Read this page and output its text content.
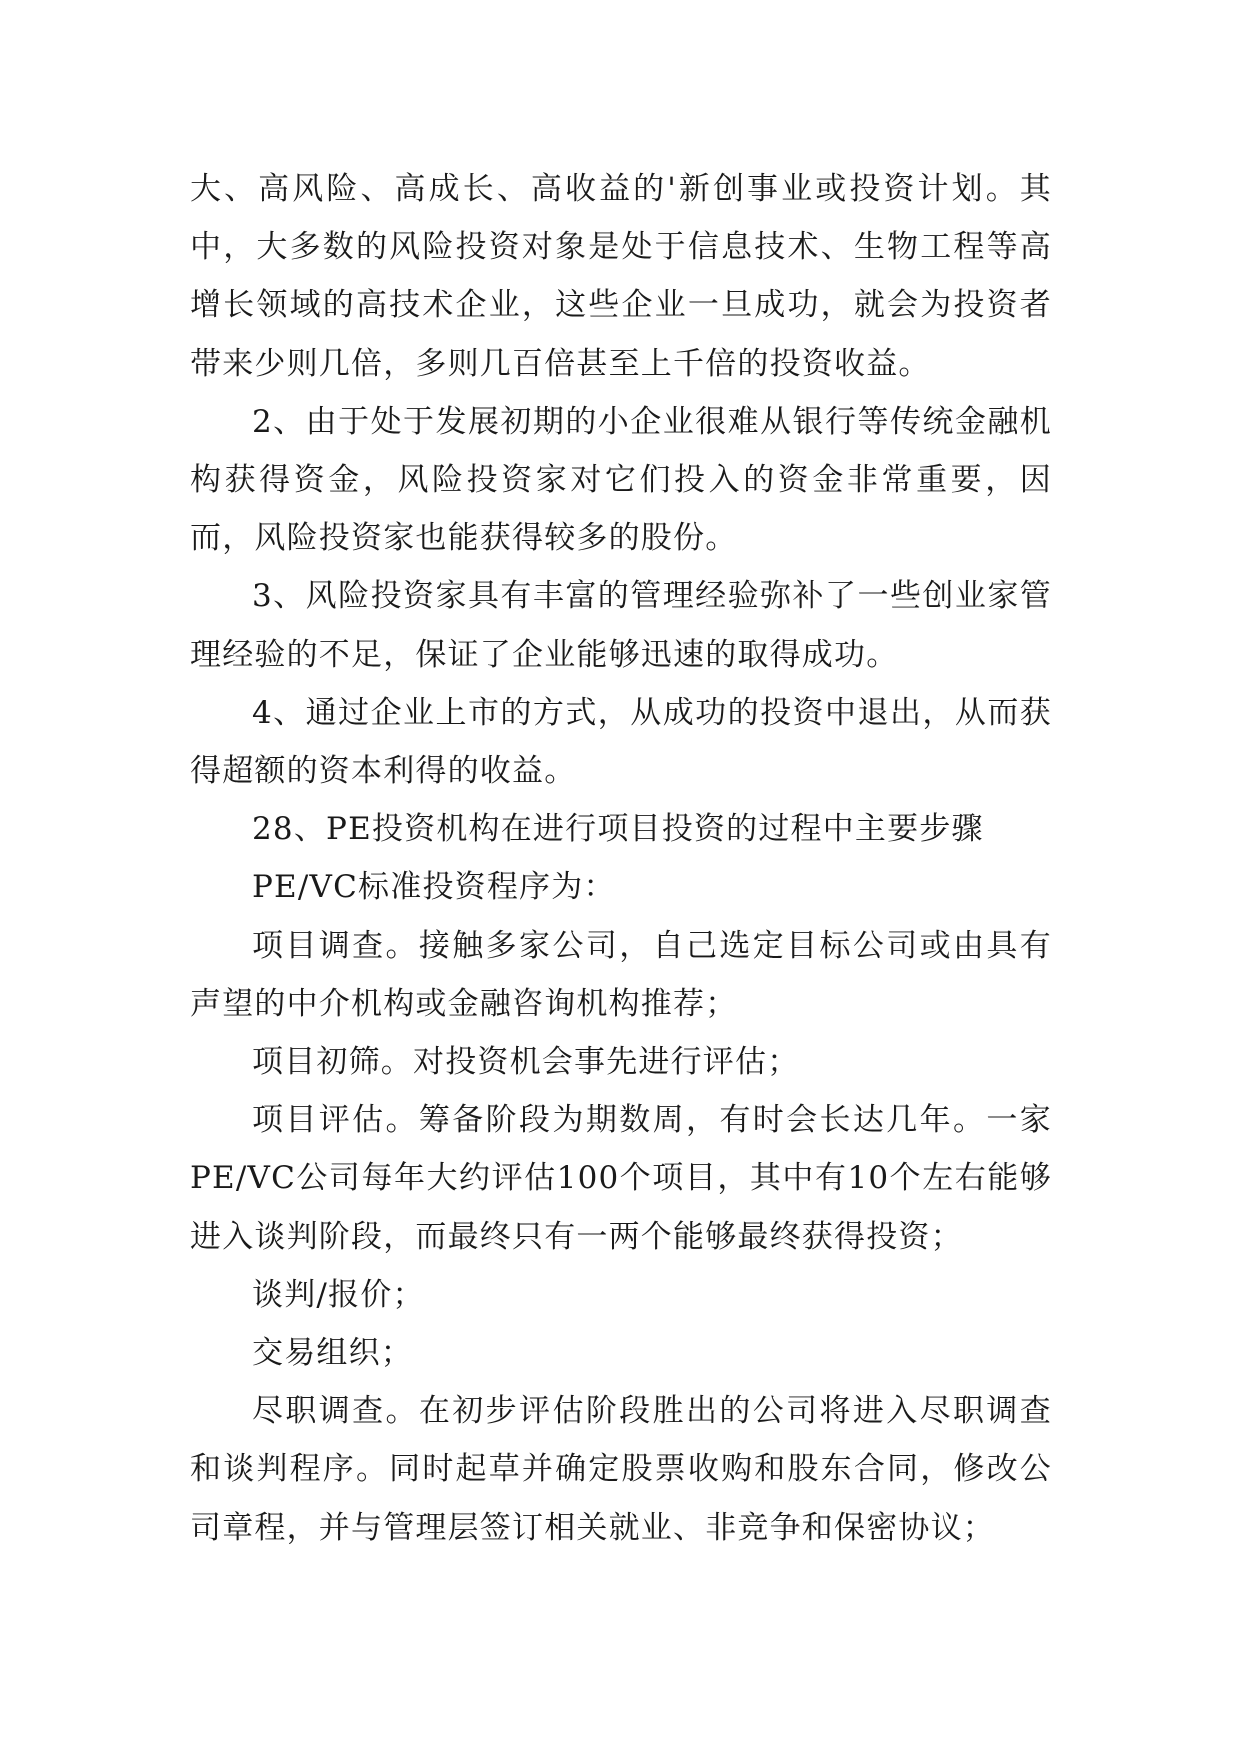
大、高风险、高成长、高收益的'新创事业或投资计划。其中，大多数的风险投资对象是处于信息技术、生物工程等高增长领域的高技术企业，这些企业一旦成功，就会为投资者带来少则几倍，多则几百倍甚至上千倍的投资收益。

2、由于处于发展初期的小企业很难从银行等传统金融机构获得资金，风险投资家对它们投入的资金非常重要，因而，风险投资家也能获得较多的股份。

3、风险投资家具有丰富的管理经验弥补了一些创业家管理经验的不足，保证了企业能够迅速的取得成功。

4、通过企业上市的方式，从成功的投资中退出，从而获得超额的资本利得的收益。

28、PE投资机构在进行项目投资的过程中主要步骤

PE/VC标准投资程序为：

项目调查。接触多家公司，自己选定目标公司或由具有声望的中介机构或金融咨询机构推荐；

项目初筛。对投资机会事先进行评估；

项目评估。筹备阶段为期数周，有时会长达几年。一家PE/VC公司每年大约评估100个项目，其中有10个左右能够进入谈判阶段，而最终只有一两个能够最终获得投资；

谈判/报价；

交易组织；

尽职调查。在初步评估阶段胜出的公司将进入尽职调查和谈判程序。同时起草并确定股票收购和股东合同，修改公司章程，并与管理层签订相关就业、非竞争和保密协议；
